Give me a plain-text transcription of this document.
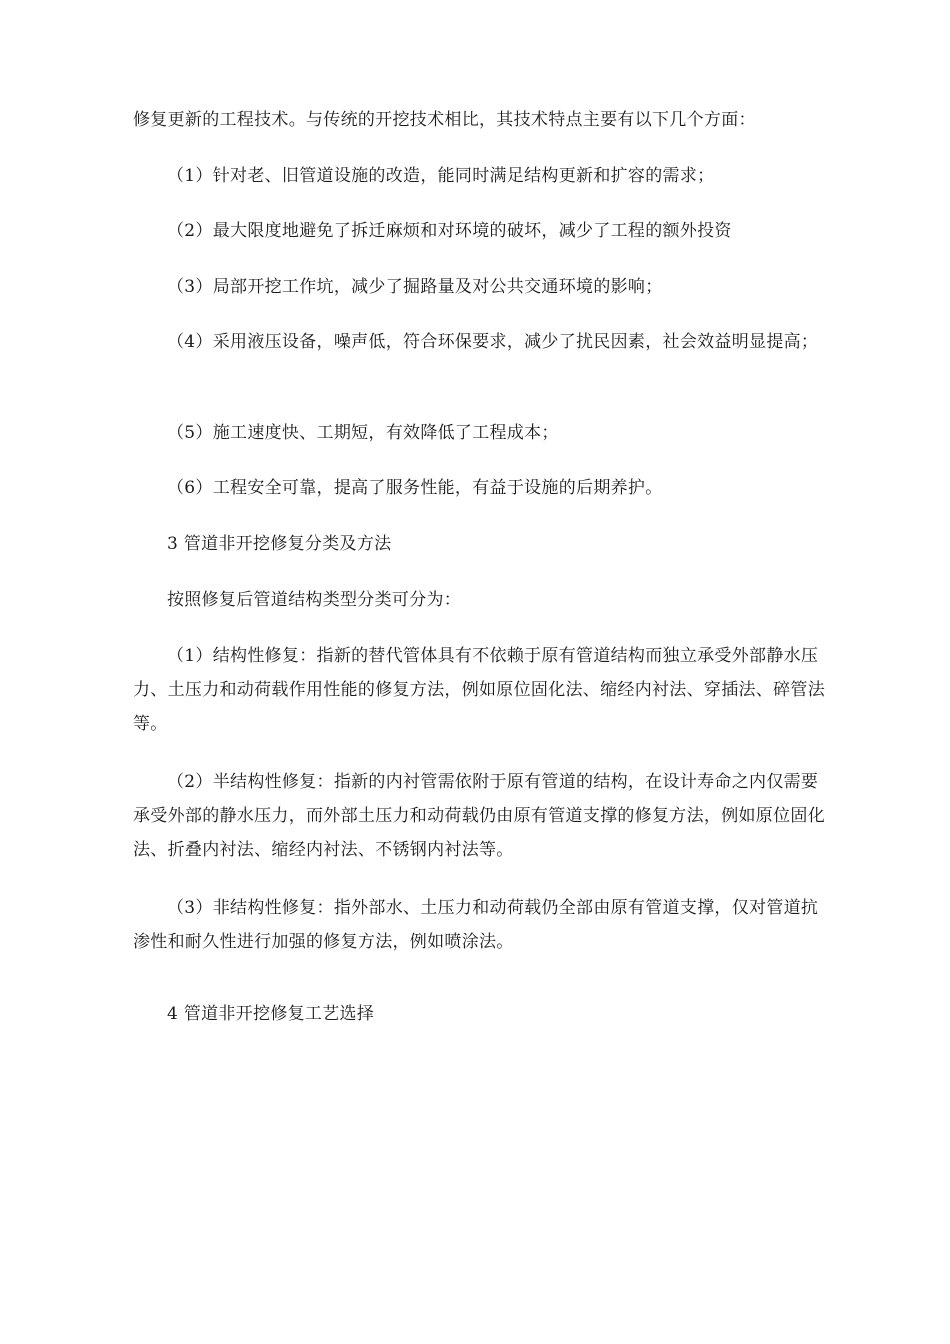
修复更新的工程技术。与传统的开挖技术相比，其技术特点主要有以下几个方面：

（1）针对老、旧管道设施的改造，能同时满足结构更新和扩容的需求；

（2）最大限度地避免了拆迁麻烦和对环境的破坏，减少了工程的额外投资

（3）局部开挖工作坑，减少了掘路量及对公共交通环境的影响；

（4）采用液压设备，噪声低，符合环保要求，减少了扰民因素，社会效益明显提高；

（5）施工速度快、工期短，有效降低了工程成本；

（6）工程安全可靠，提高了服务性能，有益于设施的后期养护。

3 管道非开挖修复分类及方法

按照修复后管道结构类型分类可分为：

（1）结构性修复：指新的替代管体具有不依赖于原有管道结构而独立承受外部静水压力、土压力和动荷载作用性能的修复方法，例如原位固化法、缩经内衬法、穿插法、碎管法等。

（2）半结构性修复：指新的内衬管需依附于原有管道的结构，在设计寿命之内仅需要承受外部的静水压力，而外部土压力和动荷载仍由原有管道支撑的修复方法，例如原位固化法、折叠内衬法、缩经内衬法、不锈钢内衬法等。

（3）非结构性修复：指外部水、土压力和动荷载仍全部由原有管道支撑，仅对管道抗渗性和耐久性进行加强的修复方法，例如喷涂法。

4 管道非开挖修复工艺选择
